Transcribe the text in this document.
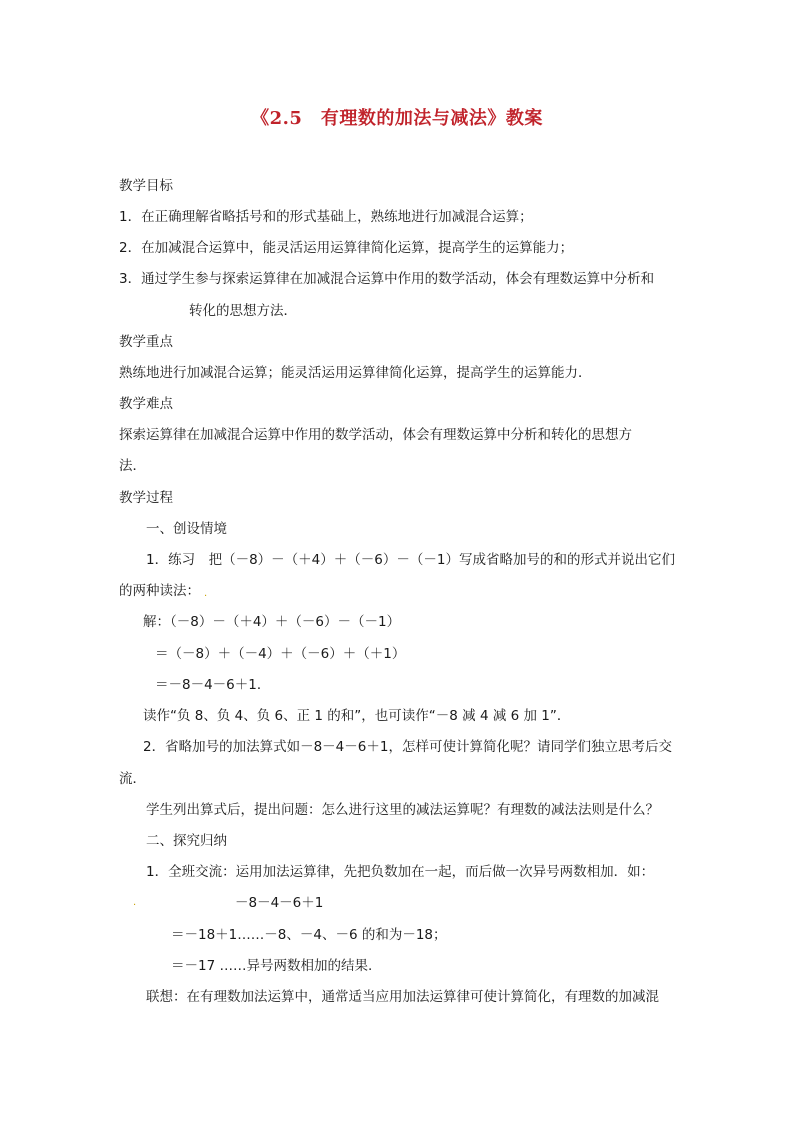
《2.5　有理数的加法与减法》教案
教学目标
1．在正确理解省略括号和的形式基础上，熟练地进行加减混合运算；
2．在加减混合运算中，能灵活运用运算律简化运算，提高学生的运算能力；
3．通过学生参与探索运算律在加减混合运算中作用的数学活动，体会有理数运算中分析和
转化的思想方法．
教学重点
熟练地进行加减混合运算；能灵活运用运算律简化运算，提高学生的运算能力．
教学难点
探索运算律在加减混合运算中作用的数学活动，体会有理数运算中分析和转化的思想方
法．
教学过程
一、创设情境
1．练习　把（－8）－（＋4）＋（－6）－（－1）写成省略加号的和的形式并说出它们
的两种读法： .
解：（－8）－（＋4）＋（－6）－（－1）
＝（－8）＋（－4）＋（－6）＋（＋1）
＝－8－4－6＋1．
读作“负 8、负 4、负 6、正 1 的和”，也可读作“－8 减 4 减 6 加 1”．
2．省略加号的加法算式如－8－4－6＋1，怎样可使计算简化呢？请同学们独立思考后交
流．
学生列出算式后，提出问题：怎么进行这里的减法运算呢？有理数的减法法则是什么？
二、探究归纳
1．全班交流：运用加法运算律，先把负数加在一起，而后做一次异号两数相加．如：
.	－8－4－6＋1
＝－18＋1……－8、－4、－6 的和为－18；
＝－17 ……异号两数相加的结果.
联想：在有理数加法运算中，通常适当应用加法运算律可使计算简化，有理数的加减混
